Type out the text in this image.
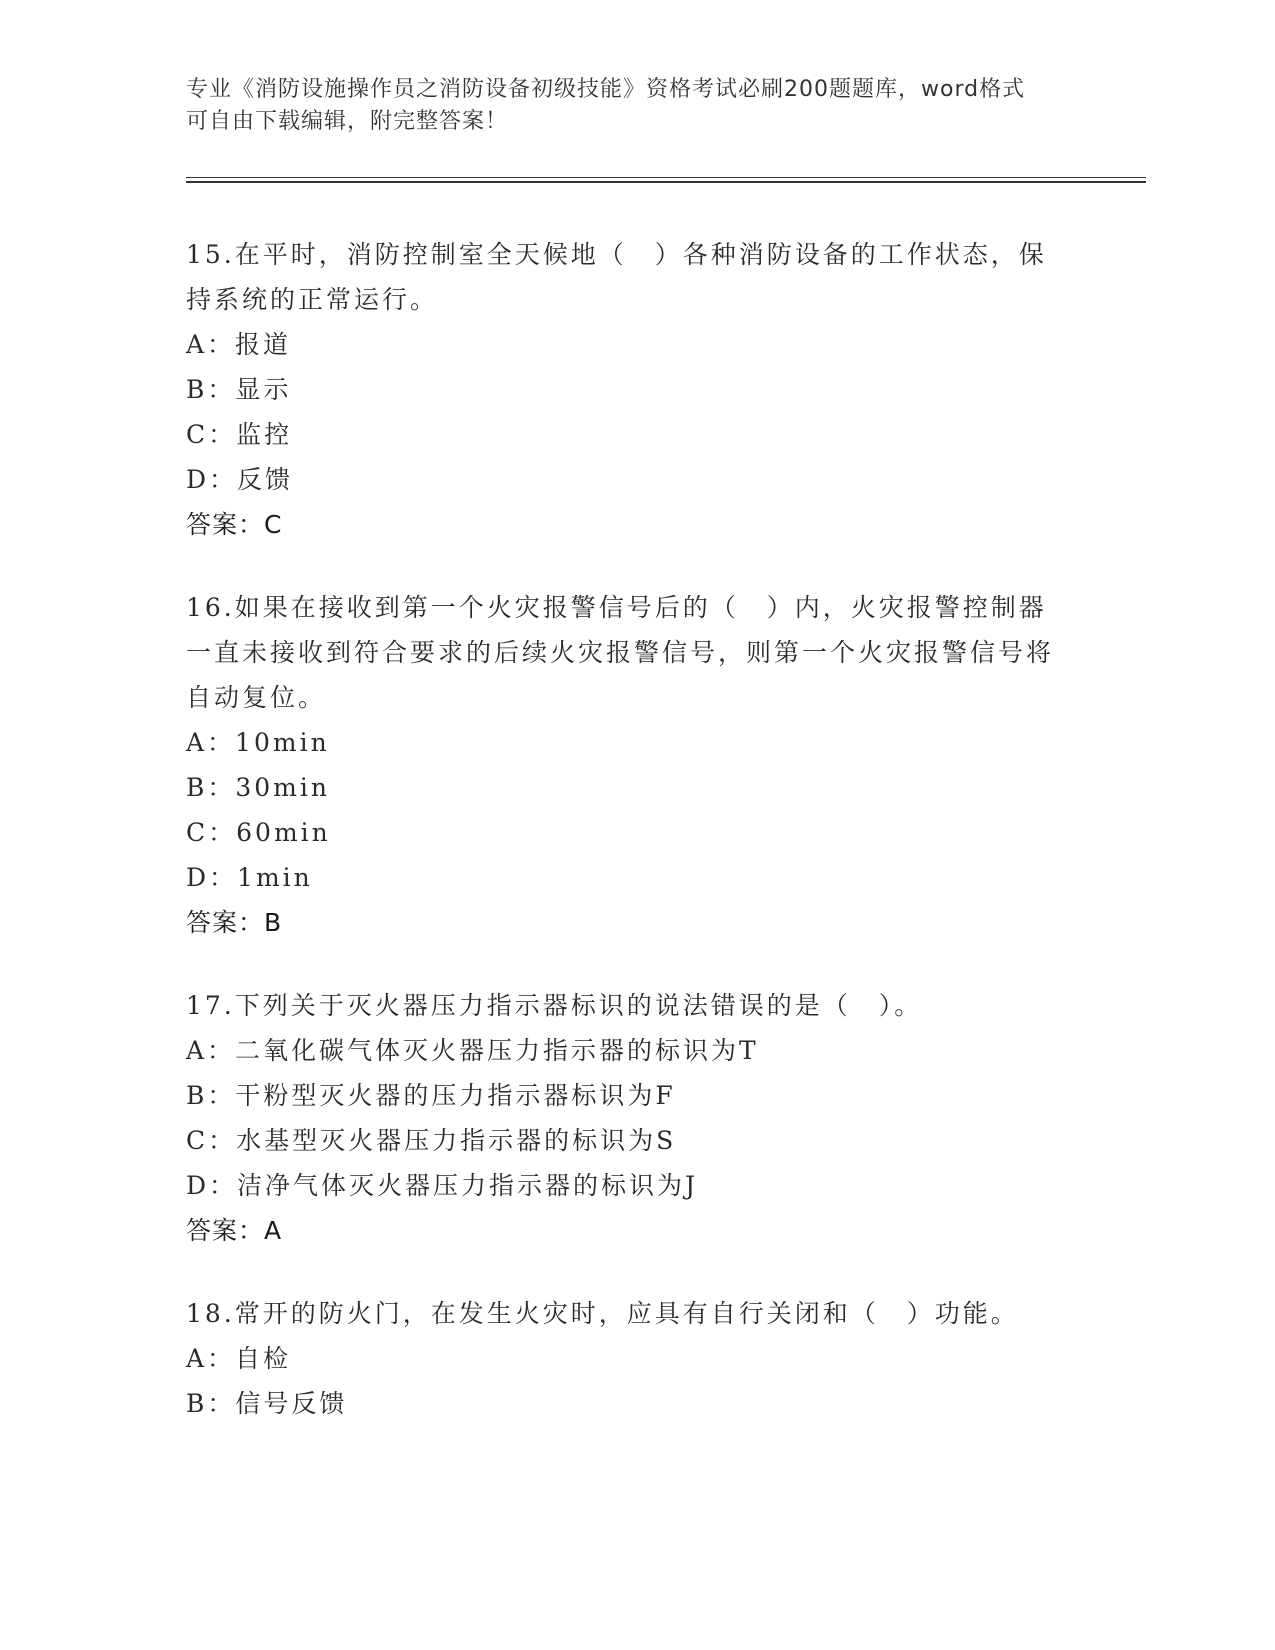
专业《消防设施操作员之消防设备初级技能》资格考试必刷200题题库，word格式可自由下载编辑，附完整答案！

15.在平时，消防控制室全天候地（　）各种消防设备的工作状态，保持系统的正常运行。

A：报道

B：显示

C：监控

D：反馈

答案：C

16.如果在接收到第一个火灾报警信号后的（　）内，火灾报警控制器一直未接收到符合要求的后续火灾报警信号，则第一个火灾报警信号将自动复位。

A：10min

B：30min

C：60min

D：1min

答案：B

17.下列关于灭火器压力指示器标识的说法错误的是（　）。

A：二氧化碳气体灭火器压力指示器的标识为T

B：干粉型灭火器的压力指示器标识为F

C：水基型灭火器压力指示器的标识为S

D：洁净气体灭火器压力指示器的标识为J

答案：A

18.常开的防火门，在发生火灾时，应具有自行关闭和（　）功能。

A：自检

B：信号反馈
